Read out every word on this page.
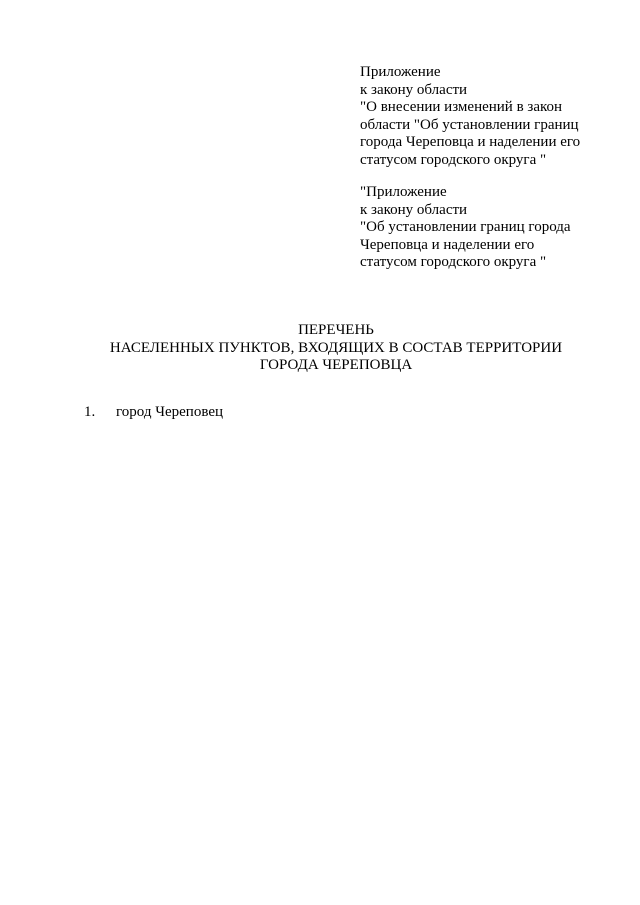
Приложение
к закону области
"О внесении изменений в закон
области "Об установлении границ
города Череповца и наделении его
статусом городского округа "
"Приложение
к закону области
"Об установлении границ города
Череповца и наделении его
статусом городского округа "
ПЕРЕЧЕНЬ
НАСЕЛЕННЫХ ПУНКТОВ, ВХОДЯЩИХ В СОСТАВ ТЕРРИТОРИИ
ГОРОДА ЧЕРЕПОВЦА
1. город Череповец
